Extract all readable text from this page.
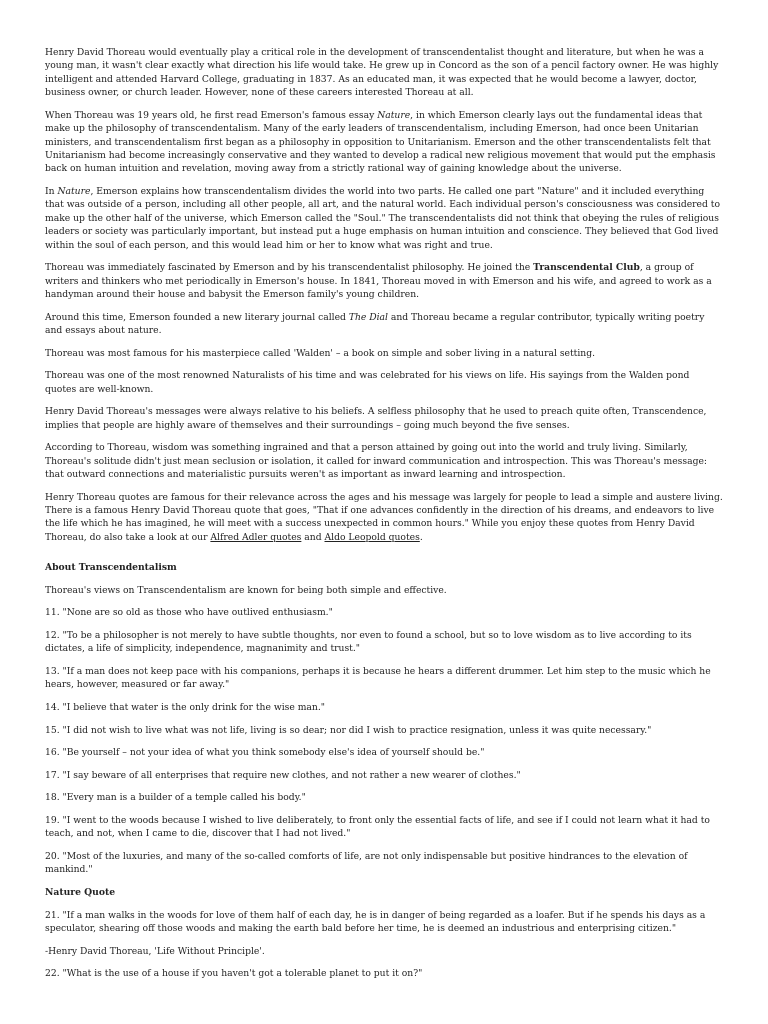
Henry David Thoreau would eventually play a critical role in the development of transcendentalist thought and literature, but when he was a young man, it wasn't clear exactly what direction his life would take. He grew up in Concord as the son of a pencil factory owner. He was highly intelligent and attended Harvard College, graduating in 1837. As an educated man, it was expected that he would become a lawyer, doctor, business owner, or church leader. However, none of these careers interested Thoreau at all.

When Thoreau was 19 years old, he first read Emerson's famous essay Nature, in which Emerson clearly lays out the fundamental ideas that make up the philosophy of transcendentalism. Many of the early leaders of transcendentalism, including Emerson, had once been Unitarian ministers, and transcendentalism first began as a philosophy in opposition to Unitarianism. Emerson and the other transcendentalists felt that Unitarianism had become increasingly conservative and they wanted to develop a radical new religious movement that would put the emphasis back on human intuition and revelation, moving away from a strictly rational way of gaining knowledge about the universe.

In Nature, Emerson explains how transcendentalism divides the world into two parts. He called one part "Nature" and it included everything that was outside of a person, including all other people, all art, and the natural world. Each individual person's consciousness was considered to make up the other half of the universe, which Emerson called the "Soul." The transcendentalists did not think that obeying the rules of religious leaders or society was particularly important, but instead put a huge emphasis on human intuition and conscience. They believed that God lived within the soul of each person, and this would lead him or her to know what was right and true.

Thoreau was immediately fascinated by Emerson and by his transcendentalist philosophy. He joined the Transcendental Club, a group of writers and thinkers who met periodically in Emerson's house. In 1841, Thoreau moved in with Emerson and his wife, and agreed to work as a handyman around their house and babysit the Emerson family's young children.

Around this time, Emerson founded a new literary journal called The Dial and Thoreau became a regular contributor, typically writing poetry and essays about nature.

Thoreau was most famous for his masterpiece called 'Walden' – a book on simple and sober living in a natural setting.

Thoreau was one of the most renowned Naturalists of his time and was celebrated for his views on life. His sayings from the Walden pond quotes are well-known.

Henry David Thoreau's messages were always relative to his beliefs. A selfless philosophy that he used to preach quite often, Transcendence, implies that people are highly aware of themselves and their surroundings – going much beyond the five senses.

According to Thoreau, wisdom was something ingrained and that a person attained by going out into the world and truly living. Similarly, Thoreau's solitude didn't just mean seclusion or isolation, it called for inward communication and introspection. This was Thoreau's message: that outward connections and materialistic pursuits weren't as important as inward learning and introspection.

Henry Thoreau quotes are famous for their relevance across the ages and his message was largely for people to lead a simple and austere living. There is a famous Henry David Thoreau quote that goes, "That if one advances confidently in the direction of his dreams, and endeavors to live the life which he has imagined, he will meet with a success unexpected in common hours." While you enjoy these quotes from Henry David Thoreau, do also take a look at our Alfred Adler quotes and Aldo Leopold quotes.

About Transcendentalism

Thoreau's views on Transcendentalism are known for being both simple and effective.

11. "None are so old as those who have outlived enthusiasm."

12. "To be a philosopher is not merely to have subtle thoughts, nor even to found a school, but so to love wisdom as to live according to its dictates, a life of simplicity, independence, magnanimity and trust."

13. "If a man does not keep pace with his companions, perhaps it is because he hears a different drummer. Let him step to the music which he hears, however, measured or far away."

14. "I believe that water is the only drink for the wise man."

15. "I did not wish to live what was not life, living is so dear; nor did I wish to practice resignation, unless it was quite necessary."

16. "Be yourself – not your idea of what you think somebody else's idea of yourself should be."

17. "I say beware of all enterprises that require new clothes, and not rather a new wearer of clothes."

18. "Every man is a builder of a temple called his body."

19. "I went to the woods because I wished to live deliberately, to front only the essential facts of life, and see if I could not learn what it had to teach, and not, when I came to die, discover that I had not lived."

20. "Most of the luxuries, and many of the so-called comforts of life, are not only indispensable but positive hindrances to the elevation of mankind."

Nature Quote

21. "If a man walks in the woods for love of them half of each day, he is in danger of being regarded as a loafer. But if he spends his days as a speculator, shearing off those woods and making the earth bald before her time, he is deemed an industrious and enterprising citizen."

-Henry David Thoreau, 'Life Without Principle'.

22. "What is the use of a house if you haven't got a tolerable planet to put it on?"
